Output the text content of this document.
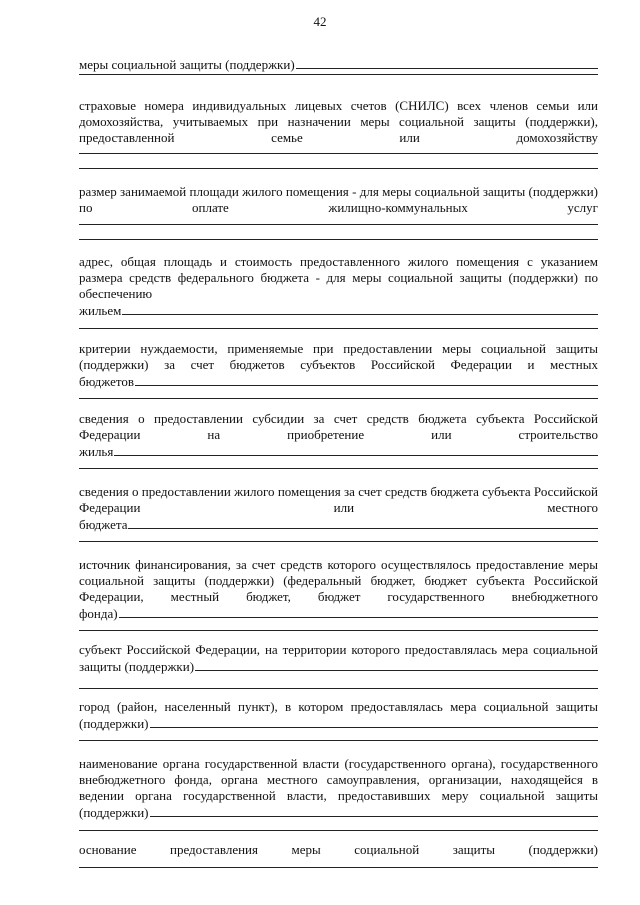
42
меры социальной защиты (поддержки)
страховые номера индивидуальных лицевых счетов (СНИЛС) всех членов семьи или
домохозяйства, учитываемых при назначении меры социальной защиты (поддержки),
предоставленной семье или домохозяйству
размер занимаемой площади жилого помещения - для меры социальной защиты (поддержки)
по оплате жилищно-коммунальных услуг
адрес, общая площадь и стоимость предоставленного жилого помещения с указанием
размера средств федерального бюджета - для меры социальной защиты (поддержки) по
обеспечению
жильем
критерии нуждаемости, применяемые при предоставлении меры социальной защиты
(поддержки) за счет бюджетов субъектов Российской Федерации и местных
бюджетов
сведения о предоставлении субсидии за счет средств бюджета субъекта Российской
Федерации на приобретение или строительство
жилья
сведения о предоставлении жилого помещения за счет средств бюджета субъекта Российской
Федерации или местного
бюджета
источник финансирования, за счет средств которого осуществлялось предоставление меры
социальной защиты (поддержки) (федеральный бюджет, бюджет субъекта Российской
Федерации, местный бюджет, бюджет государственного внебюджетного
фонда)
субъект Российской Федерации, на территории которого предоставлялась мера социальной
защиты (поддержки)
город (район, населенный пункт), в котором предоставлялась мера социальной защиты
(поддержки)
наименование органа государственной власти (государственного органа), государственного
внебюджетного фонда, органа местного самоуправления, организации, находящейся в
ведении органа государственной власти, предоставивших меру социальной защиты
(поддержки)
основание предоставления меры социальной защиты (поддержки)
